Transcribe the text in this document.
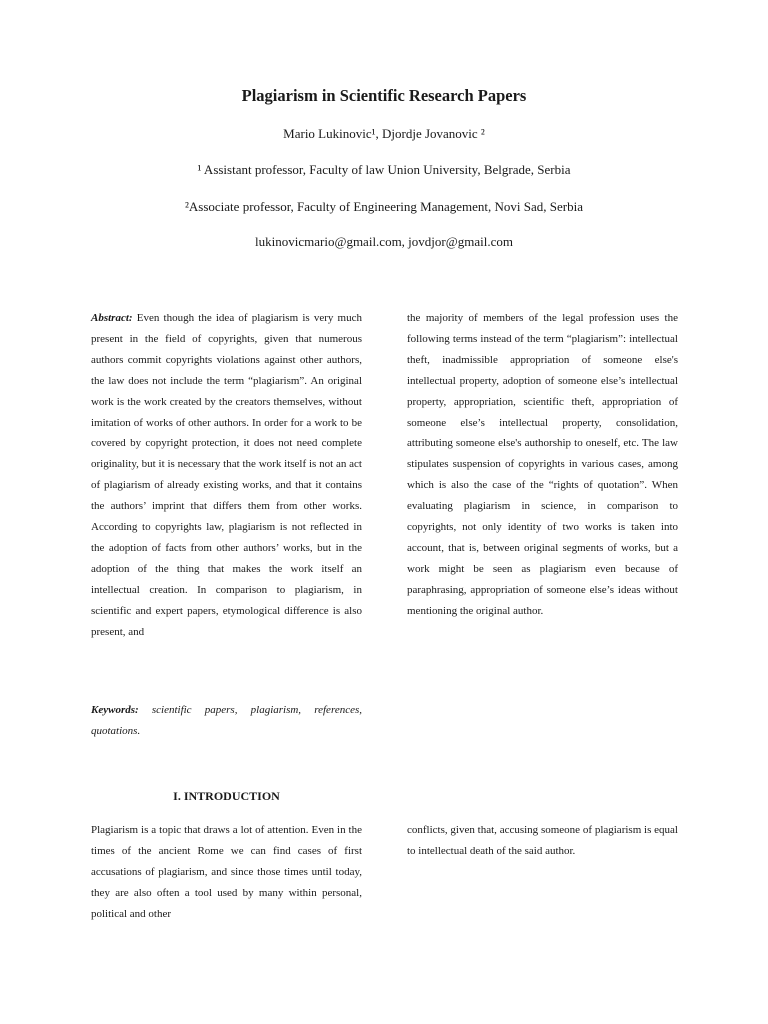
Plagiarism in Scientific Research Papers
Mario Lukinovic¹, Djordje Jovanovic ²
¹ Assistant professor, Faculty of law Union University, Belgrade, Serbia
²Associate professor, Faculty of Engineering Management, Novi Sad, Serbia
lukinovicmario@gmail.com, jovdjor@gmail.com

Abstract: Even though the idea of plagiarism is very much present in the field of copyrights, given that numerous authors commit copyrights violations against other authors, the law does not include the term “plagiarism”. An original work is the work created by the creators themselves, without imitation of works of other authors. In order for a work to be covered by copyright protection, it does not need complete originality, but it is necessary that the work itself is not an act of plagiarism of already existing works, and that it contains the authors’ imprint that differs them from other works. According to copyrights law, plagiarism is not reflected in the adoption of facts from other authors’ works, but in the adoption of the thing that makes the work itself an intellectual creation. In comparison to plagiarism, in scientific and expert papers, etymological difference is also present, and

the majority of members of the legal profession uses the following terms instead of the term “plagiarism”: intellectual theft, inadmissible appropriation of someone else's intellectual property, adoption of someone else’s intellectual property, appropriation, scientific theft, appropriation of someone else’s intellectual property, consolidation, attributing someone else's authorship to oneself, etc. The law stipulates suspension of copyrights in various cases, among which is also the case of the “rights of quotation”. When evaluating plagiarism in science, in comparison to copyrights, not only identity of two works is taken into account, that is, between original segments of works, but a work might be seen as plagiarism even because of paraphrasing, appropriation of someone else’s ideas without mentioning the original author.

Keywords: scientific papers, plagiarism, references, quotations.
I. INTRODUCTION

Plagiarism is a topic that draws a lot of attention. Even in the times of the ancient Rome we can find cases of first accusations of plagiarism, and since those times until today, they are also often a tool used by many within personal, political and other

conflicts, given that, accusing someone of plagiarism is equal to intellectual death of the said author.
